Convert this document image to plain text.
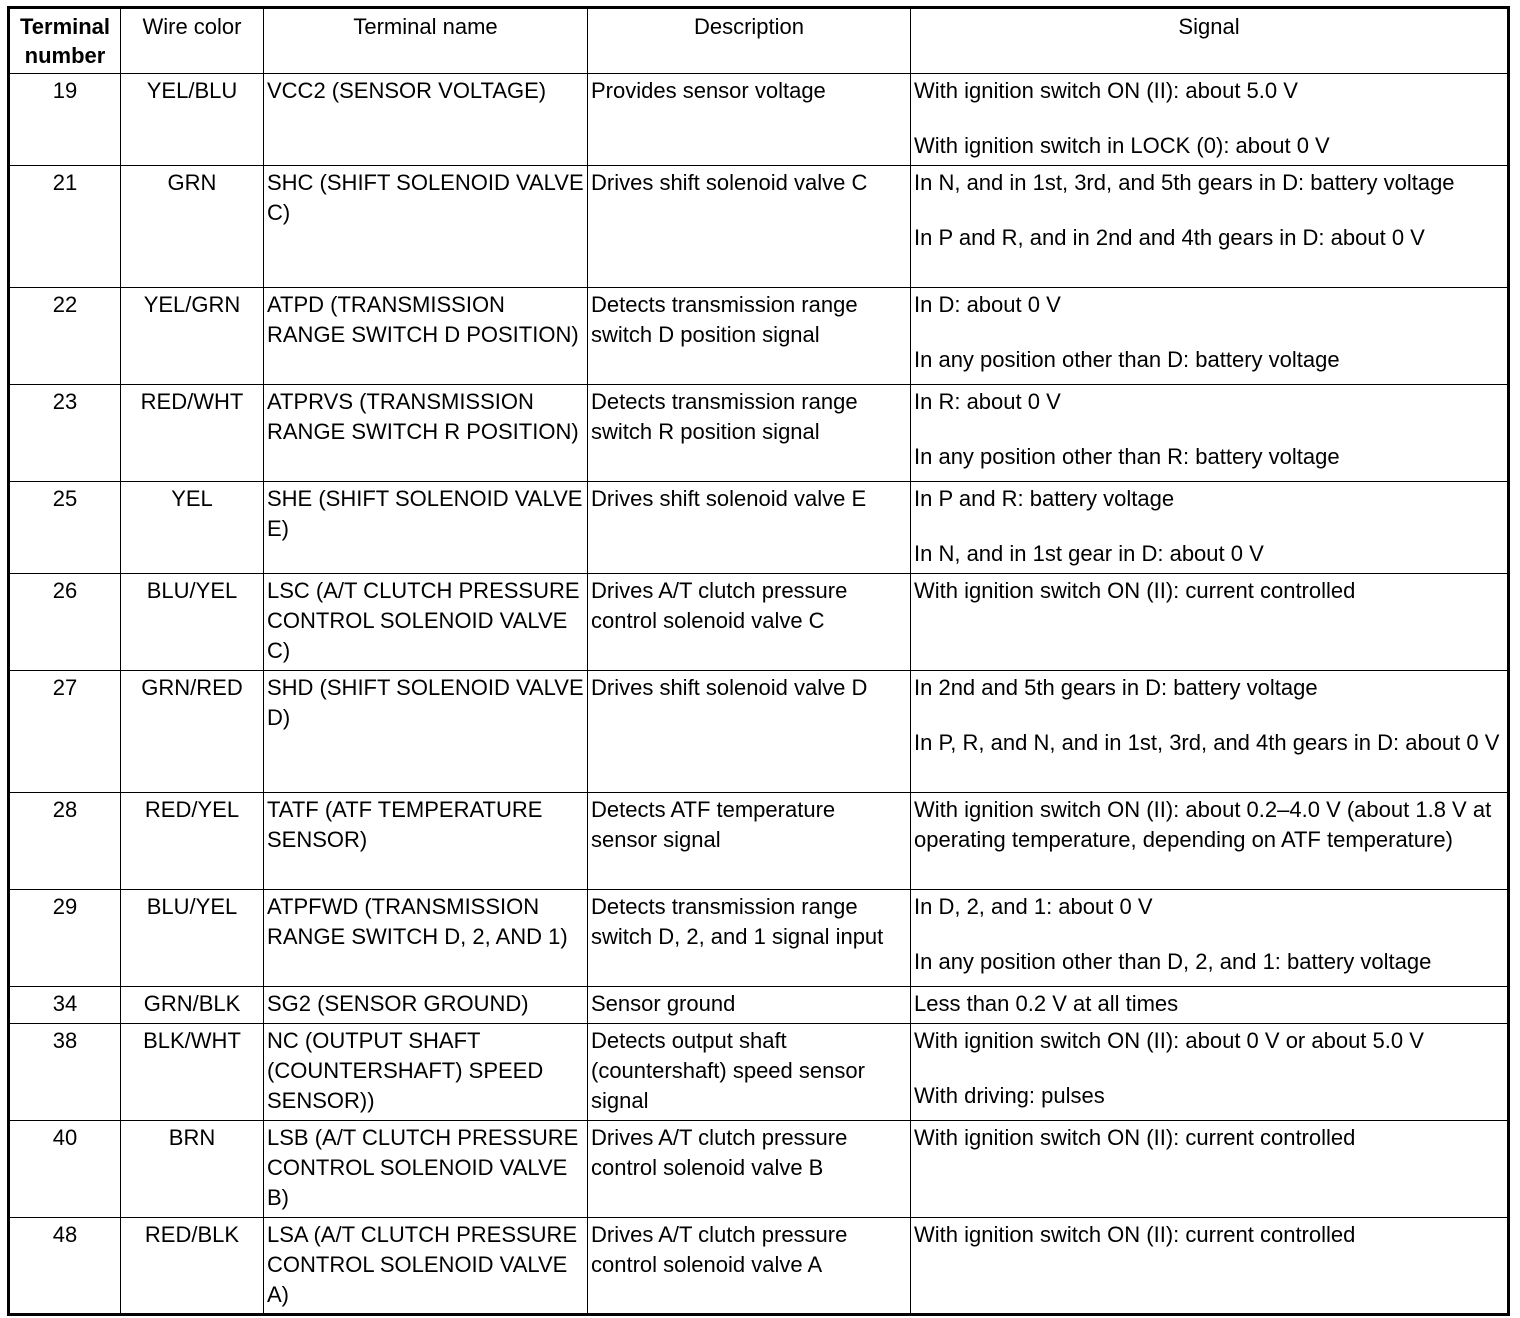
Terminal
number	Wire color	Terminal name	Description	Signal
19	YEL/BLU	VCC2 (SENSOR VOLTAGE)	Provides sensor voltage	With ignition switch ON (II): about 5.0 V
With ignition switch in LOCK (0): about 0 V

21	GRN	SHC (SHIFT SOLENOID VALVE C)	Drives shift solenoid valve C	In N, and in 1st, 3rd, and 5th gears in D: battery voltage
In P and R, and in 2nd and 4th gears in D: about 0 V

22	YEL/GRN	ATPD (TRANSMISSION RANGE SWITCH D POSITION)	Detects transmission range switch D position signal	In D: about 0 V
In any position other than D: battery voltage

23	RED/WHT	ATPRVS (TRANSMISSION RANGE SWITCH R POSITION)	Detects transmission range switch R position signal	In R: about 0 V
In any position other than R: battery voltage

25	YEL	SHE (SHIFT SOLENOID VALVE E)	Drives shift solenoid valve E	In P and R: battery voltage
In N, and in 1st gear in D: about 0 V

26	BLU/YEL	LSC (A/T CLUTCH PRESSURE CONTROL SOLENOID VALVE C)	Drives A/T clutch pressure control solenoid valve C	With ignition switch ON (II): current controlled

27	GRN/RED	SHD (SHIFT SOLENOID VALVE D)	Drives shift solenoid valve D	In 2nd and 5th gears in D: battery voltage
In P, R, and N, and in 1st, 3rd, and 4th gears in D: about 0 V

28	RED/YEL	TATF (ATF TEMPERATURE SENSOR)	Detects ATF temperature sensor signal	With ignition switch ON (II): about 0.2–4.0 V (about 1.8 V at operating temperature, depending on ATF temperature)

29	BLU/YEL	ATPFWD (TRANSMISSION RANGE SWITCH D, 2, AND 1)	Detects transmission range switch D, 2, and 1 signal input	In D, 2, and 1: about 0 V
In any position other than D, 2, and 1: battery voltage

34	GRN/BLK	SG2 (SENSOR GROUND)	Sensor ground	Less than 0.2 V at all times

38	BLK/WHT	NC (OUTPUT SHAFT (COUNTERSHAFT) SPEED SENSOR))	Detects output shaft (countershaft) speed sensor signal	With ignition switch ON (II): about 0 V or about 5.0 V
With driving: pulses

40	BRN	LSB (A/T CLUTCH PRESSURE CONTROL SOLENOID VALVE B)	Drives A/T clutch pressure control solenoid valve B	With ignition switch ON (II): current controlled

48	RED/BLK	LSA (A/T CLUTCH PRESSURE CONTROL SOLENOID VALVE A)	Drives A/T clutch pressure control solenoid valve A	With ignition switch ON (II): current controlled
